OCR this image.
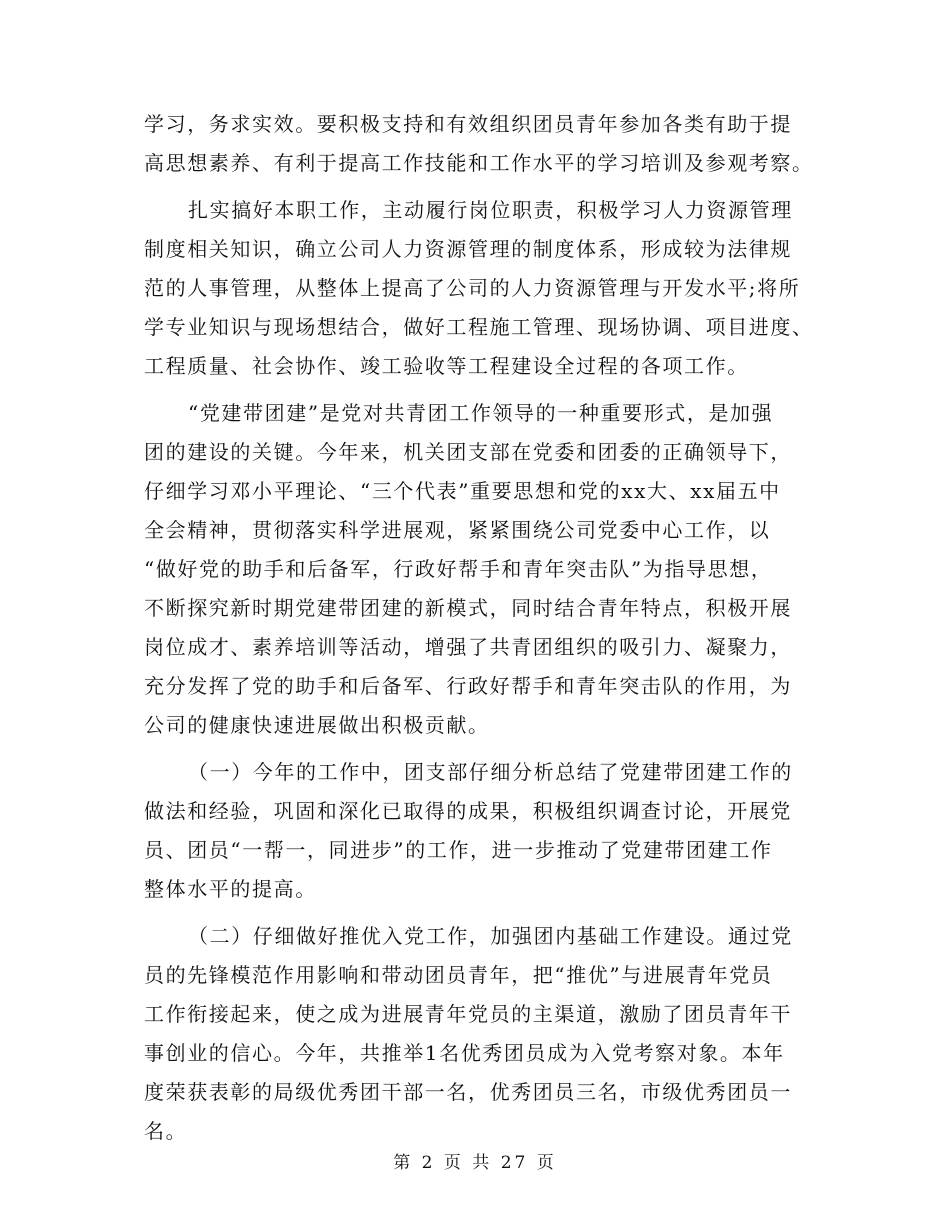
学习，务求实效。要积极支持和有效组织团员青年参加各类有助于提
高思想素养、有利于提高工作技能和工作水平的学习培训及参观考察。

扎实搞好本职工作，主动履行岗位职责，积极学习人力资源管理
制度相关知识，确立公司人力资源管理的制度体系，形成较为法律规
范的人事管理，从整体上提高了公司的人力资源管理与开发水平;将所
学专业知识与现场想结合，做好工程施工管理、现场协调、项目进度、
工程质量、社会协作、竣工验收等工程建设全过程的各项工作。

“党建带团建”是党对共青团工作领导的一种重要形式，是加强
团的建设的关键。今年来，机关团支部在党委和团委的正确领导下，
仔细学习邓小平理论、“三个代表”重要思想和党的xx大、xx届五中
全会精神，贯彻落实科学进展观，紧紧围绕公司党委中心工作，以
“做好党的助手和后备军，行政好帮手和青年突击队”为指导思想，
不断探究新时期党建带团建的新模式，同时结合青年特点，积极开展
岗位成才、素养培训等活动，增强了共青团组织的吸引力、凝聚力，
充分发挥了党的助手和后备军、行政好帮手和青年突击队的作用，为
公司的健康快速进展做出积极贡献。

（一）今年的工作中，团支部仔细分析总结了党建带团建工作的
做法和经验，巩固和深化已取得的成果，积极组织调查讨论，开展党
员、团员“一帮一，同进步”的工作，进一步推动了党建带团建工作
整体水平的提高。

（二）仔细做好推优入党工作，加强团内基础工作建设。通过党
员的先锋模范作用影响和带动团员青年，把“推优”与进展青年党员
工作衔接起来，使之成为进展青年党员的主渠道，激励了团员青年干
事创业的信心。今年，共推举1名优秀团员成为入党考察对象。本年
度荣获表彰的局级优秀团干部一名，优秀团员三名，市级优秀团员一
名。

第 2 页 共 27 页
